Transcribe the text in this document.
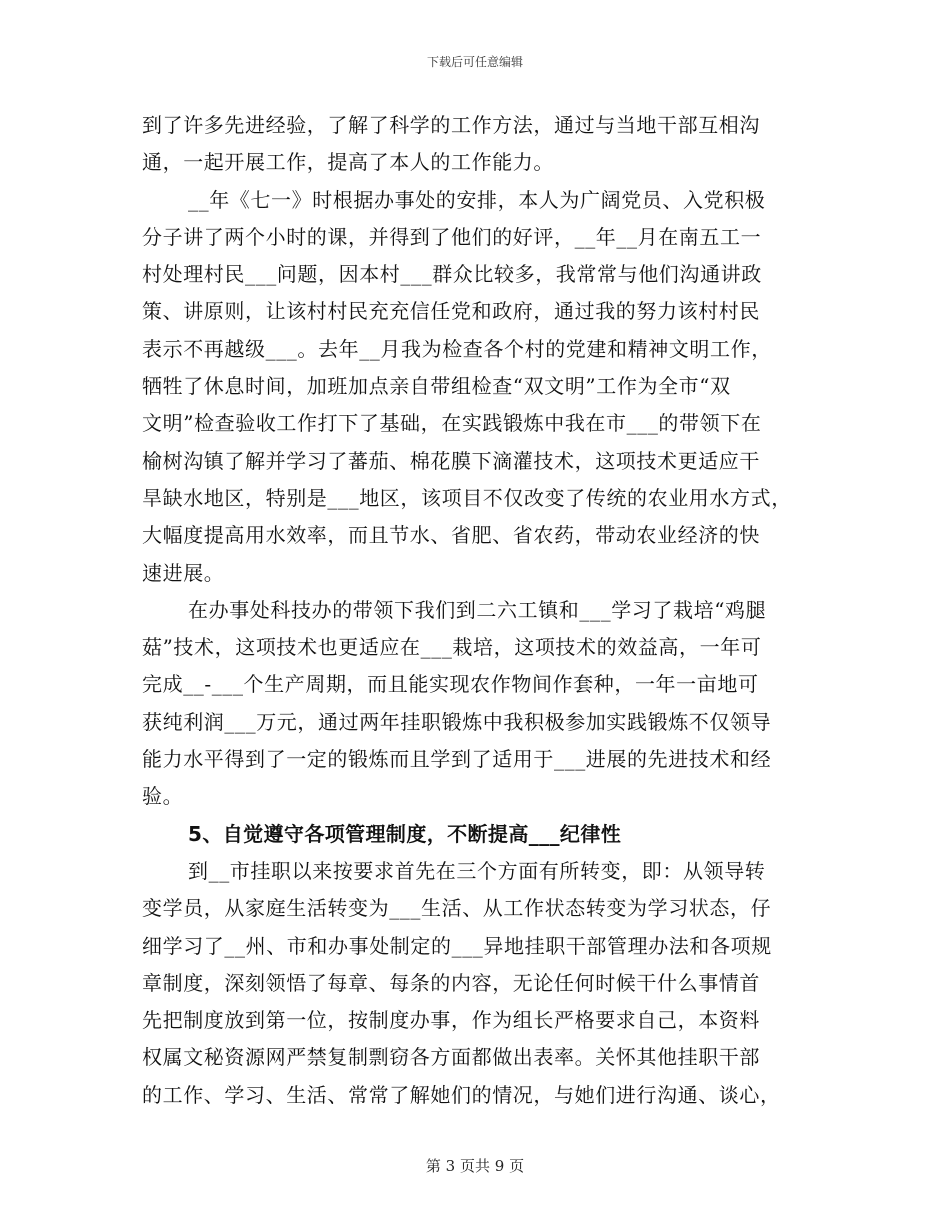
下载后可任意编辑
到了许多先进经验，了解了科学的工作方法，通过与当地干部互相沟
通，一起开展工作，提高了本人的工作能力。
__年《七一》时根据办事处的安排，本人为广阔党员、入党积极
分子讲了两个小时的课，并得到了他们的好评，__年__月在南五工一
村处理村民___问题，因本村___群众比较多，我常常与他们沟通讲政
策、讲原则，让该村村民充充信任党和政府，通过我的努力该村村民
表示不再越级___。去年__月我为检查各个村的党建和精神文明工作，
牺牲了休息时间，加班加点亲自带组检查“双文明”工作为全市“双
文明”检查验收工作打下了基础，在实践锻炼中我在市___的带领下在
榆树沟镇了解并学习了蕃茄、棉花膜下滴灌技术，这项技术更适应干
旱缺水地区，特别是___地区，该项目不仅改变了传统的农业用水方式，
大幅度提高用水效率，而且节水、省肥、省农药，带动农业经济的快
速进展。
在办事处科技办的带领下我们到二六工镇和___学习了栽培“鸡腿
菇”技术，这项技术也更适应在___栽培，这项技术的效益高，一年可
完成__-___个生产周期，而且能实现农作物间作套种，一年一亩地可
获纯利润___万元，通过两年挂职锻炼中我积极参加实践锻炼不仅领导
能力水平得到了一定的锻炼而且学到了适用于___进展的先进技术和经
验。
5、自觉遵守各项管理制度，不断提高___纪律性
到__市挂职以来按要求首先在三个方面有所转变，即：从领导转
变学员，从家庭生活转变为___生活、从工作状态转变为学习状态，仔
细学习了__州、市和办事处制定的___异地挂职干部管理办法和各项规
章制度，深刻领悟了每章、每条的内容，无论任何时候干什么事情首
先把制度放到第一位，按制度办事，作为组长严格要求自己，本资料
权属文秘资源网严禁复制剽窃各方面都做出表率。关怀其他挂职干部
的工作、学习、生活、常常了解她们的情况，与她们进行沟通、谈心，
第 3 页共 9 页
